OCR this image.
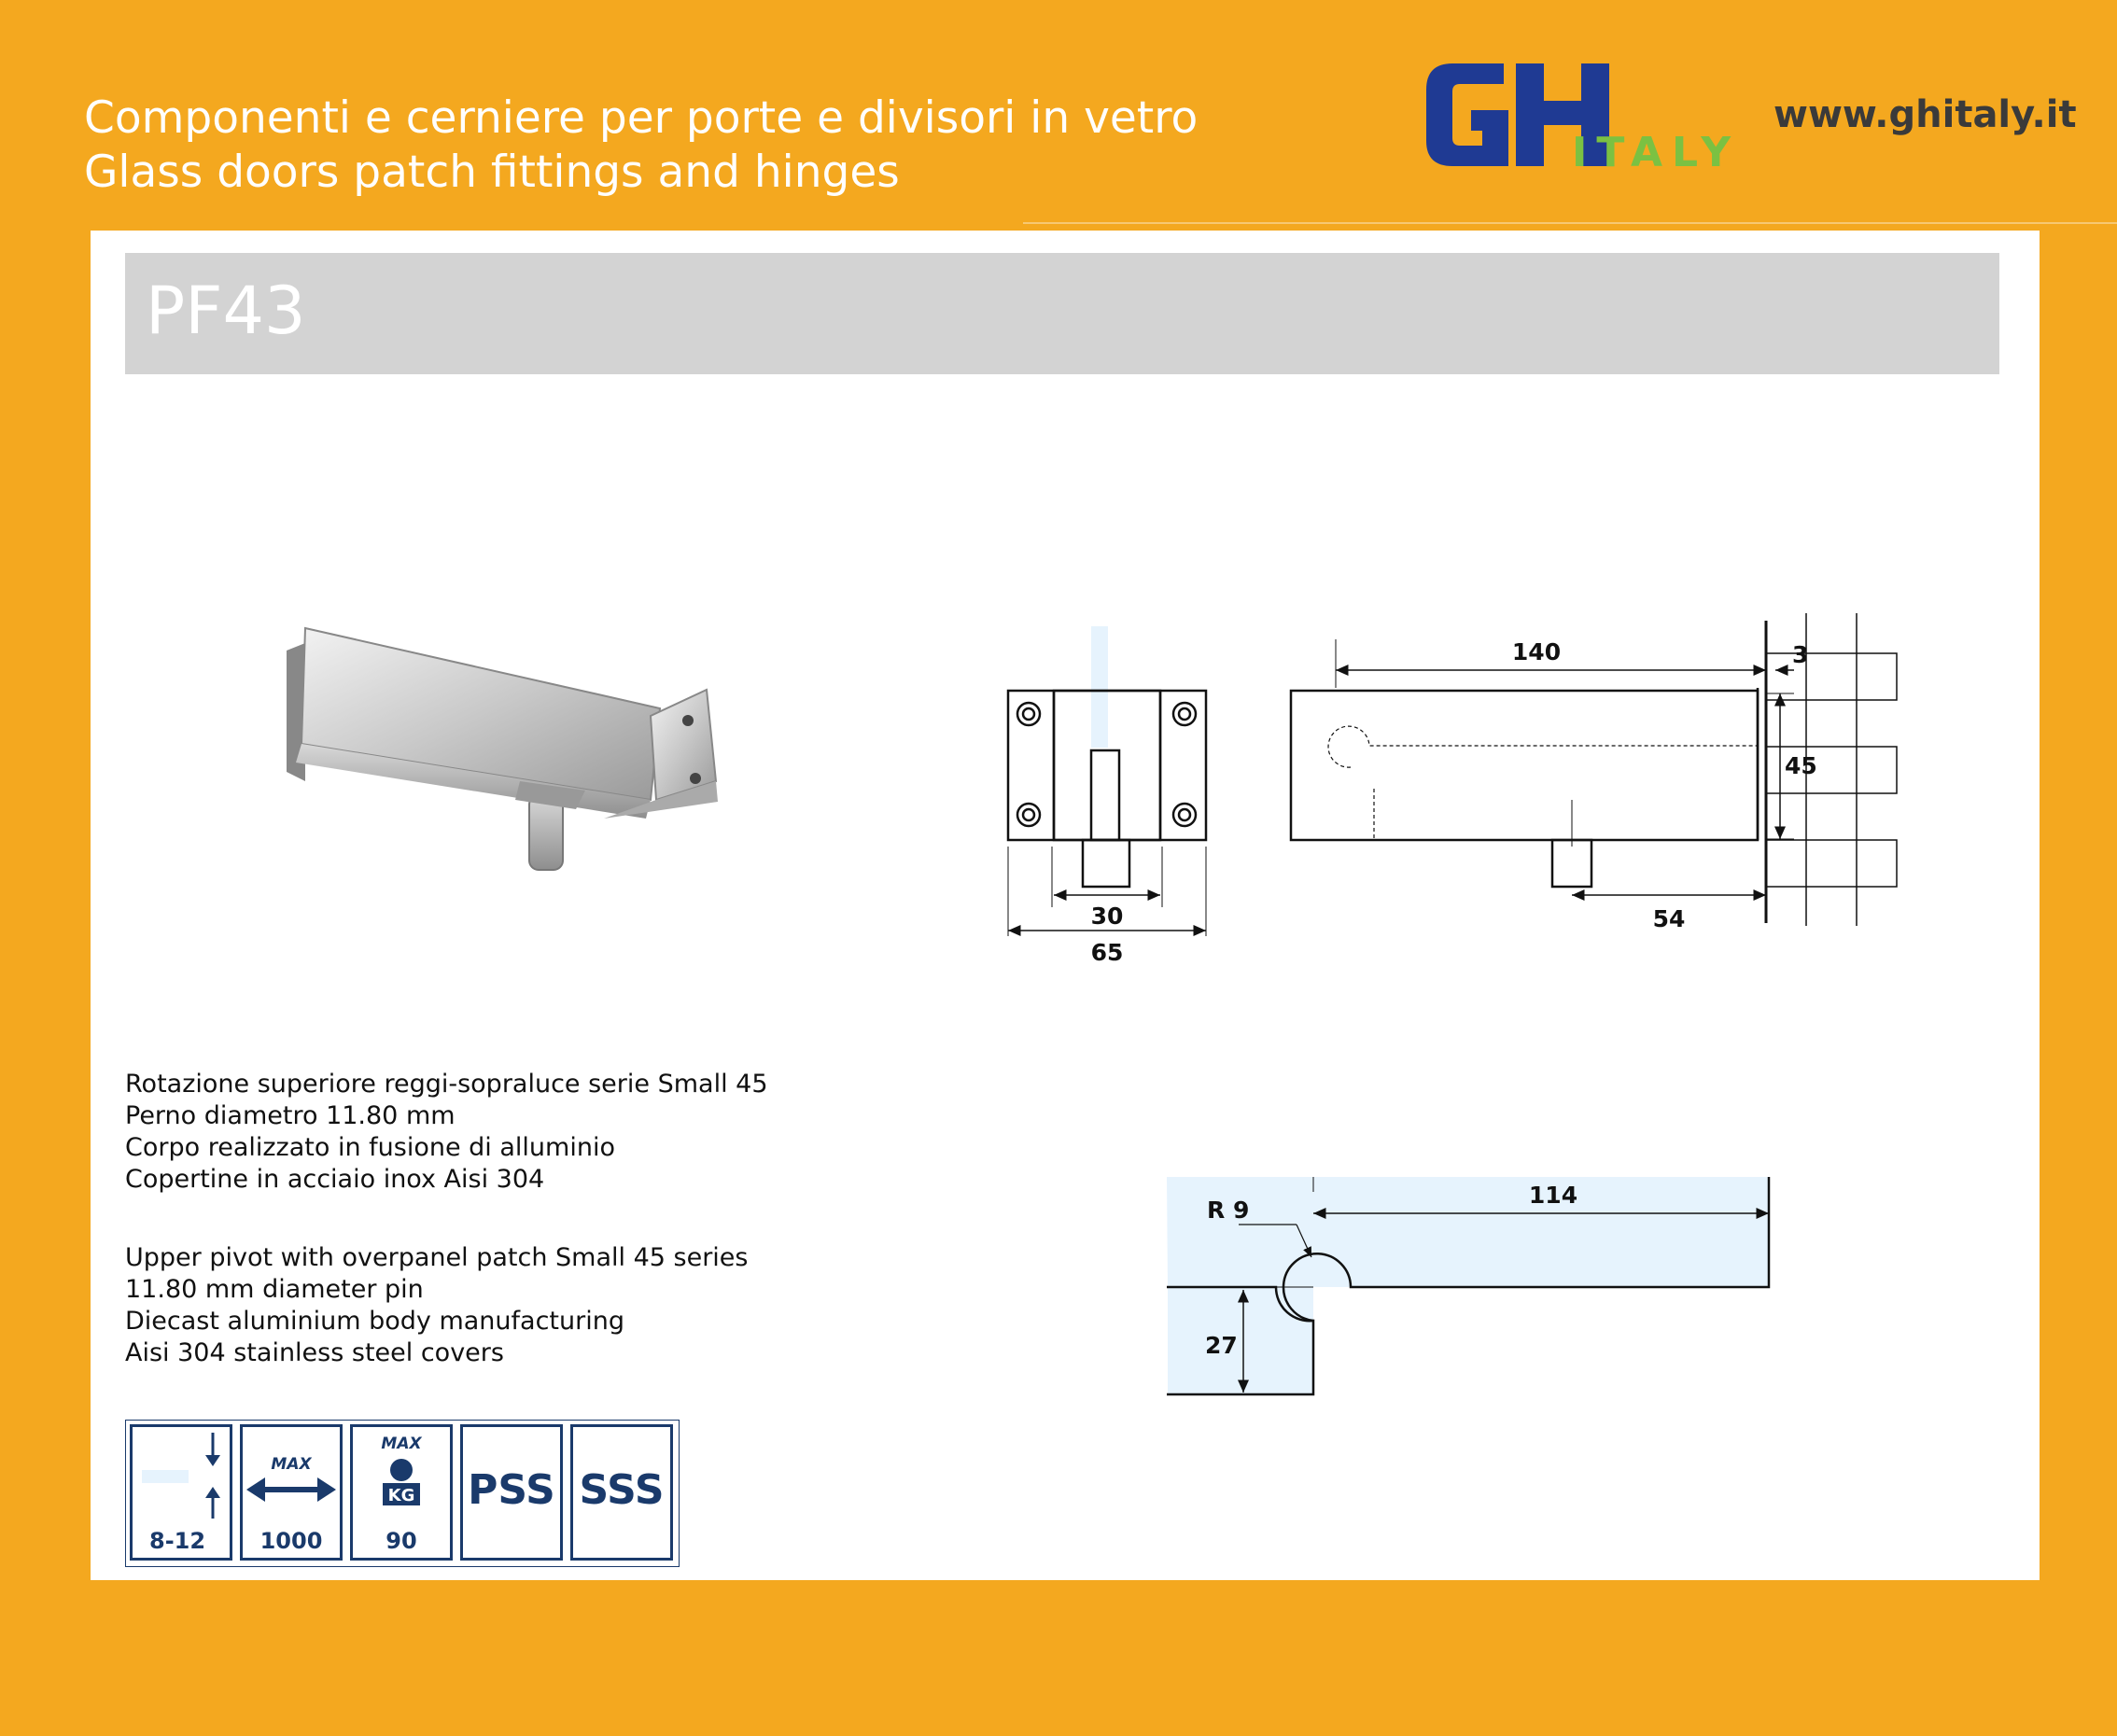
Componenti e cerniere per porte e divisori in vetro
Glass doors patch fittings and hinges	ITALY
www.ghitaly.it
PF43
30
65
140	3
45
54
114
R 9
27
Rotazione superiore reggi-sopraluce serie Small 45
Perno diametro 11.80 mm
Corpo realizzato in fusione di alluminio
Copertine in acciaio inox Aisi 304
Upper pivot with overpanel patch Small 45 series
11.80 mm diameter pin
Diecast aluminium body manufacturing
Aisi 304 stainless steel covers
8-12
MAX
1000
MAX
KG
90
PSS SSS
